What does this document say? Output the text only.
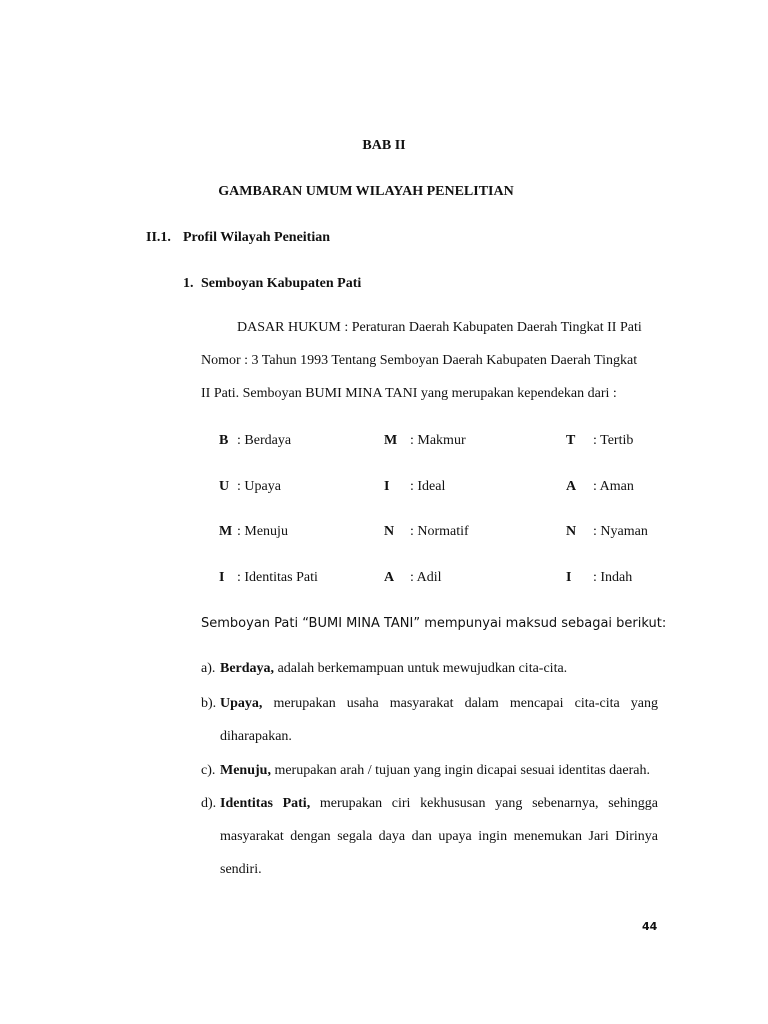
BAB II
GAMBARAN UMUM WILAYAH PENELITIAN
II.1. Profil Wilayah Peneitian
1. Semboyan Kabupaten Pati
DASAR HUKUM : Peraturan Daerah Kabupaten Daerah Tingkat II Pati
Nomor : 3 Tahun 1993 Tentang Semboyan Daerah Kabupaten Daerah Tingkat
II Pati. Semboyan BUMI MINA TANI yang merupakan kependekan dari :
B : Berdaya	M : Makmur	T : Tertib
U : Upaya	I : Ideal	A : Aman
M : Menuju	N : Normatif	N : Nyaman
I : Identitas Pati	A : Adil	I : Indah
Semboyan Pati “BUMI MINA TANI” mempunyai maksud sebagai berikut:
a). Berdaya, adalah berkemampuan untuk mewujudkan cita-cita.
b). Upaya, merupakan usaha masyarakat dalam mencapai cita-cita yang
diharapakan.
c). Menuju, merupakan arah / tujuan yang ingin dicapai sesuai identitas daerah.
d). Identitas Pati, merupakan ciri kekhususan yang sebenarnya, sehingga
masyarakat dengan segala daya dan upaya ingin menemukan Jari Dirinya
sendiri.
44
